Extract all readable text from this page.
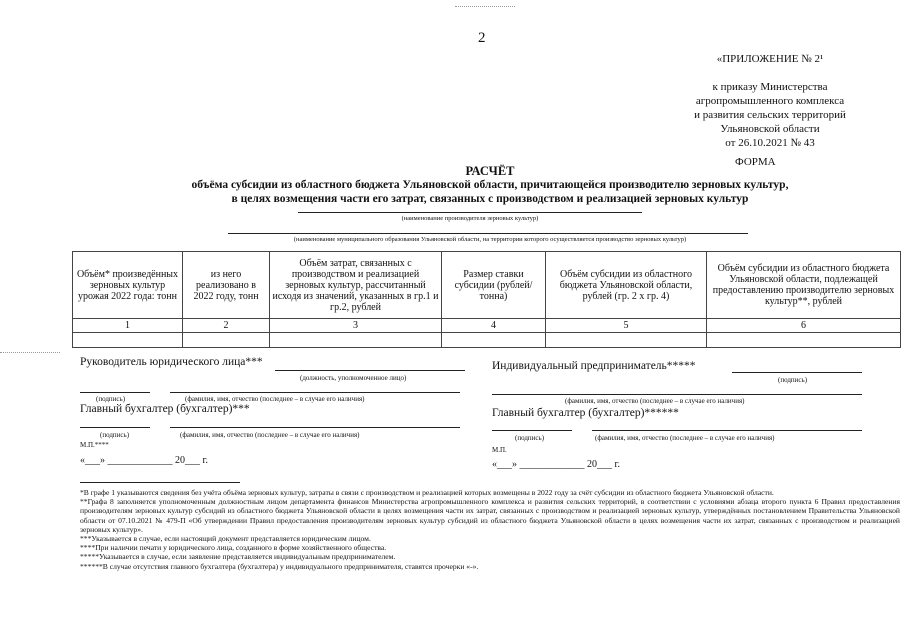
2
«ПРИЛОЖЕНИЕ № 2¹
к приказу Министерства
агропромышленного комплекса
и развития сельских территорий
Ульяновской области
от 26.10.2021 № 43
ФОРМА
РАСЧЁТ
объёма субсидии из областного бюджета Ульяновской области, причитающейся производителю зерновых культур,
в целях возмещения части его затрат, связанных с производством и реализацией зерновых культур
(наименование производителя зерновых культур)
(наименование муниципального образования Ульяновской области, на территории которого осуществляется производство зерновых культур)
Объём* произведённых зерновых культур урожая 2022 года: тонн	из него реализовано в 2022 году, тонн	Объём затрат, связанных с производством и реализацией зерновых культур, рассчитанный исходя из значений, указанных в гр.1 и гр.2, рублей	Размер ставки субсидии (рублей/тонна)	Объём субсидии из областного бюджета Ульяновской области, рублей (гр. 2 х гр. 4)	Объём субсидии из областного бюджета Ульяновской области, подлежащей предоставлению производителю зерновых культур**, рублей
1	2	3	4	5	6

Руководитель юридического лица***
(должность, уполномоченное лицо)
(подпись)	(фамилия, имя, отчество (последнее – в случае его наличия)
Главный бухгалтер (бухгалтер)***
(подпись)	(фамилия, имя, отчество (последнее – в случае его наличия)
М.П.****
«___» _____________ 20___ г.
Индивидуальный предприниматель*****
(подпись)
(фамилия, имя, отчество (последнее – в случае его наличия)
Главный бухгалтер (бухгалтер)******
(подпись)	(фамилия, имя, отчество (последнее – в случае его наличия)
М.П.
«___» _____________ 20___ г.
*В графе 1 указываются сведения без учёта объёма зерновых культур, затраты в связи с производством и реализацией которых возмещены в 2022 году за счёт субсидии из областного бюджета Ульяновской области.
**Графа 8 заполняется уполномоченным должностным лицом департамента финансов Министерства агропромышленного комплекса и развития сельских территорий, в соответствии с условиями абзаца второго пункта 6 Правил предоставления производителям зерновых культур субсидий из областного бюджета Ульяновской области в целях возмещения части их затрат, связанных с производством и реализацией зерновых культур, утверждённых постановлением Правительства Ульяновской области от 07.10.2021 № 479-П «Об утверждении Правил предоставления производителям зерновых культур субсидий из областного бюджета Ульяновской области в целях возмещения части их затрат, связанных с производством и реализацией зерновых культур».
***Указывается в случае, если настоящий документ представляется юридическим лицом.
****При наличии печати у юридического лица, созданного в форме хозяйственного общества.
*****Указывается в случае, если заявление представляется индивидуальным предпринимателем.
******В случае отсутствия главного бухгалтера (бухгалтера) у индивидуального предпринимателя, ставятся прочерки «-».
